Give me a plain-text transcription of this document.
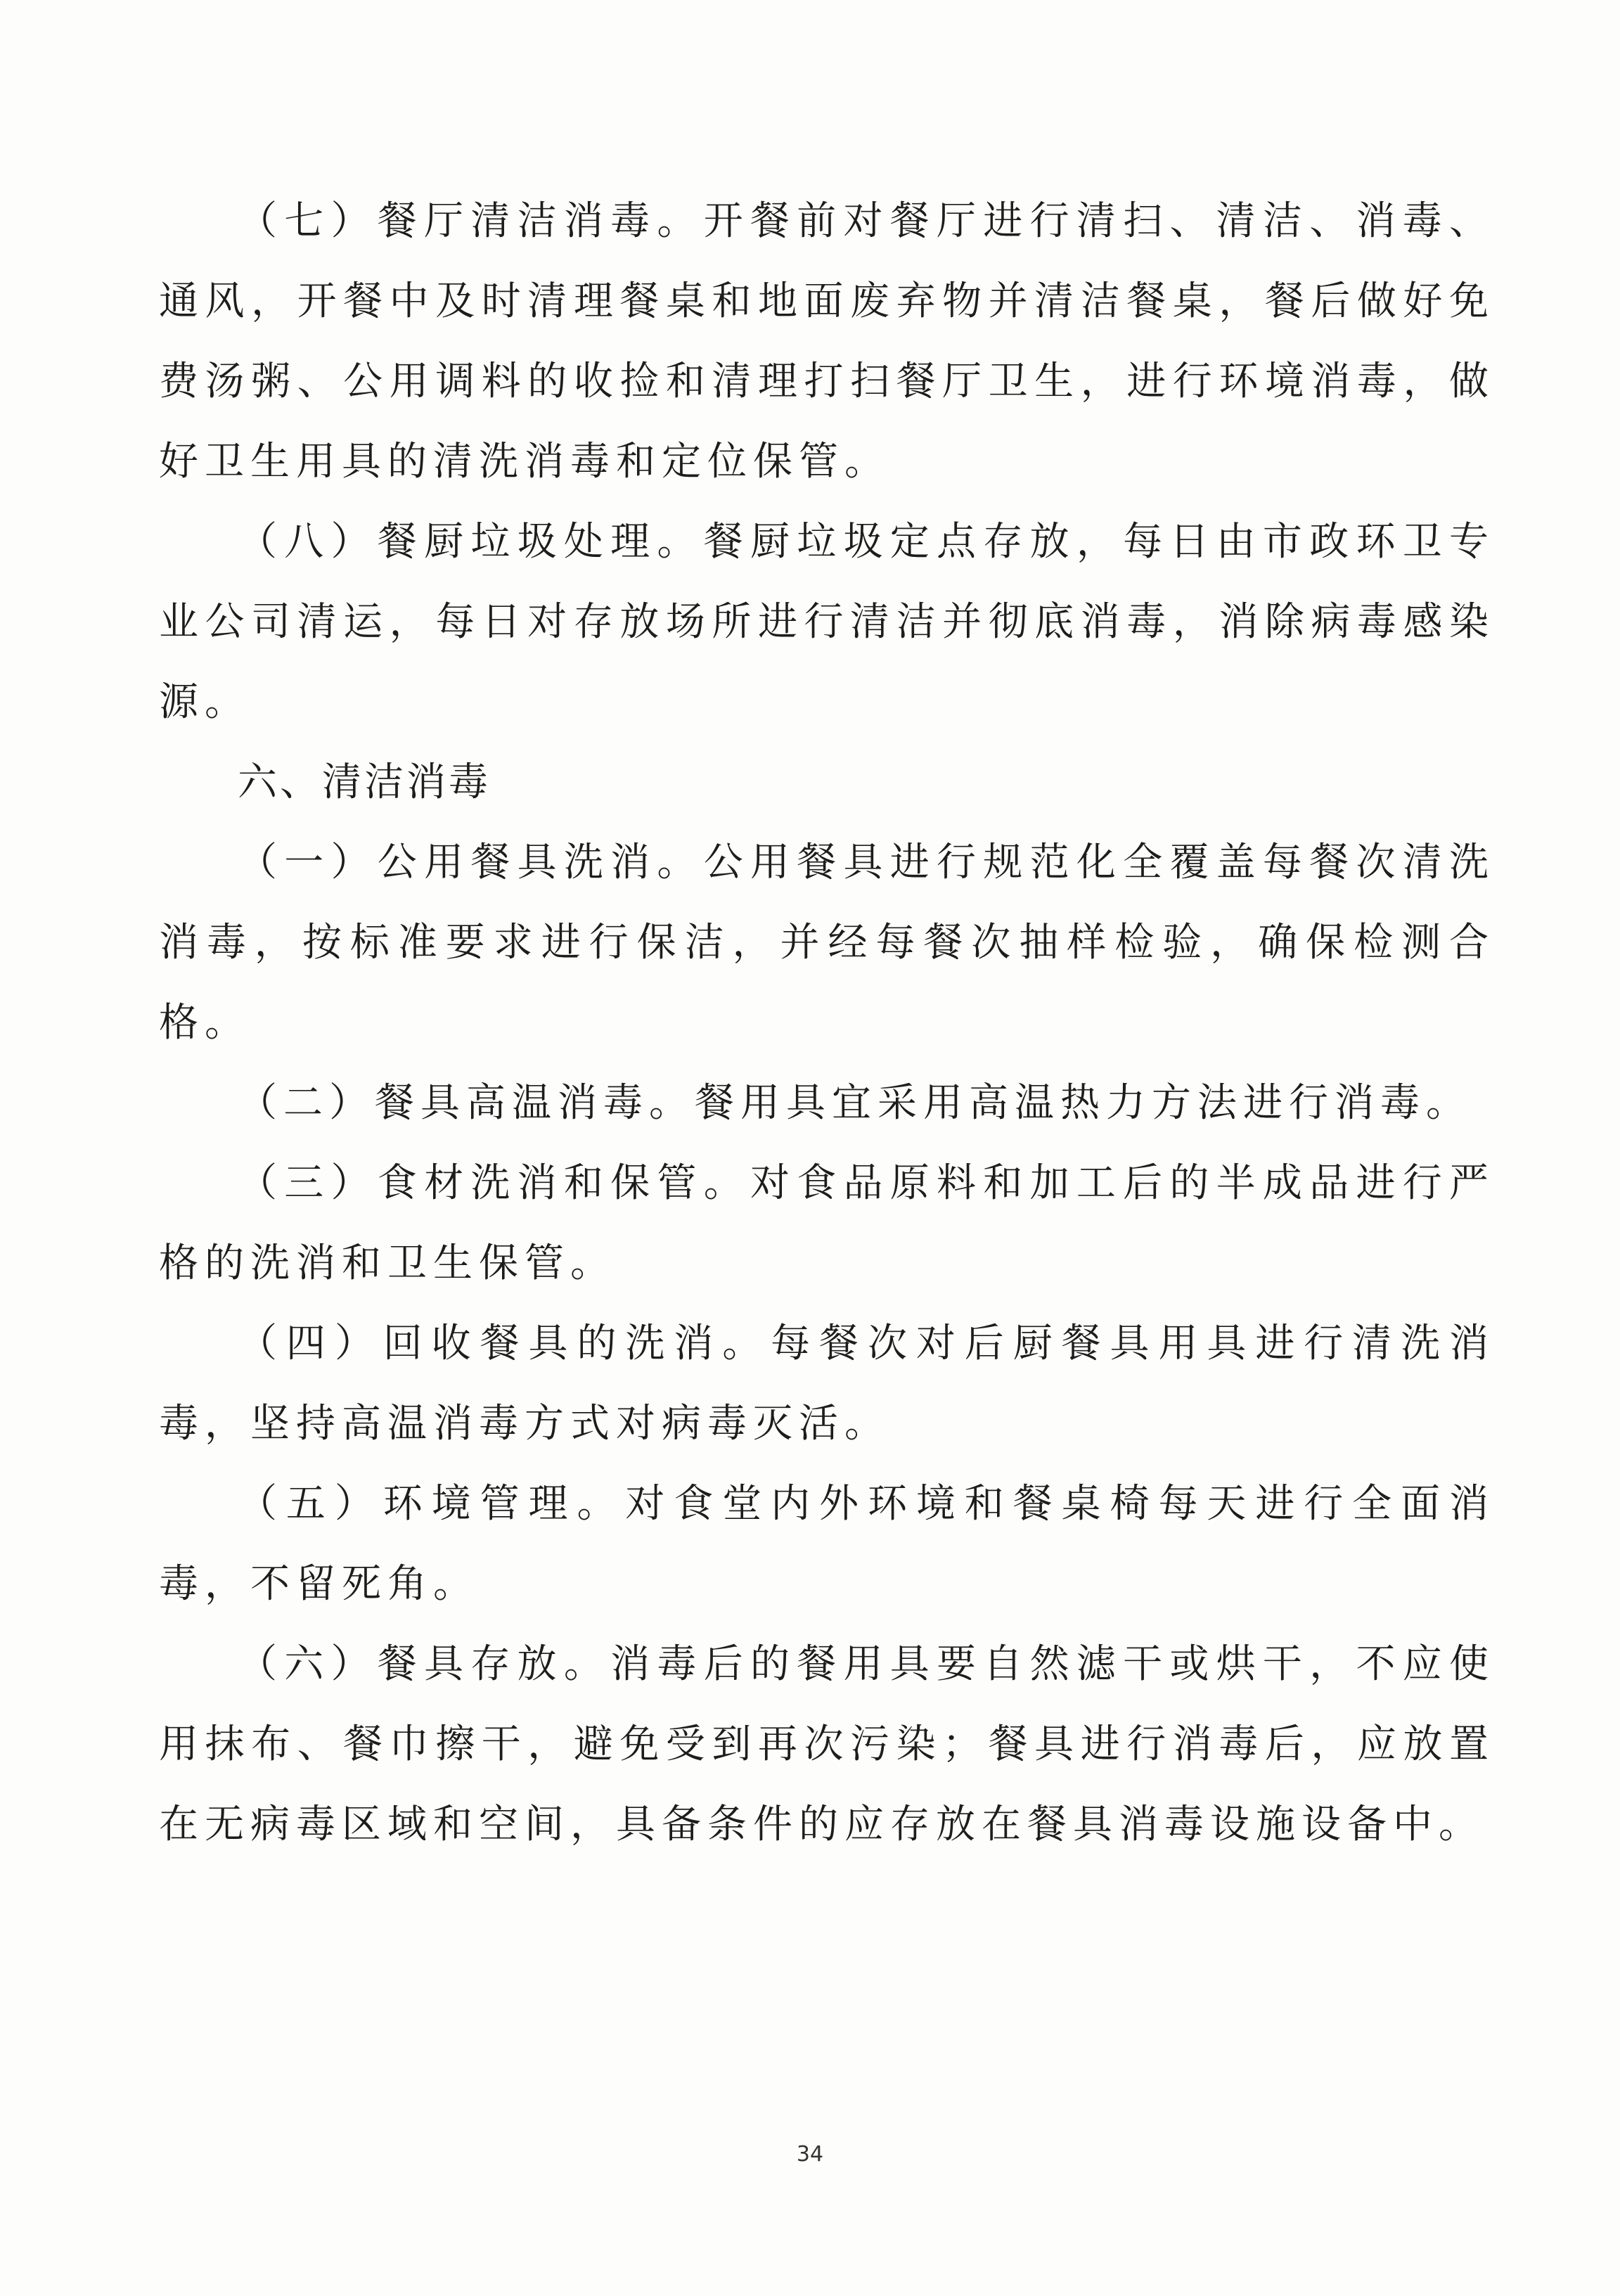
（七）餐厅清洁消毒。开餐前对餐厅进行清扫、清洁、消毒、通风，开餐中及时清理餐桌和地面废弃物并清洁餐桌，餐后做好免费汤粥、公用调料的收捡和清理打扫餐厅卫生，进行环境消毒，做好卫生用具的清洗消毒和定位保管。

（八）餐厨垃圾处理。餐厨垃圾定点存放，每日由市政环卫专业公司清运，每日对存放场所进行清洁并彻底消毒，消除病毒感染源。

六、清洁消毒

（一）公用餐具洗消。公用餐具进行规范化全覆盖每餐次清洗消毒，按标准要求进行保洁，并经每餐次抽样检验，确保检测合格。

（二）餐具高温消毒。餐用具宜采用高温热力方法进行消毒。

（三）食材洗消和保管。对食品原料和加工后的半成品进行严格的洗消和卫生保管。

（四）回收餐具的洗消。每餐次对后厨餐具用具进行清洗消毒，坚持高温消毒方式对病毒灭活。

（五）环境管理。对食堂内外环境和餐桌椅每天进行全面消毒，不留死角。

（六）餐具存放。消毒后的餐用具要自然滤干或烘干，不应使用抹布、餐巾擦干，避免受到再次污染；餐具进行消毒后，应放置在无病毒区域和空间，具备条件的应存放在餐具消毒设施设备中。

34
